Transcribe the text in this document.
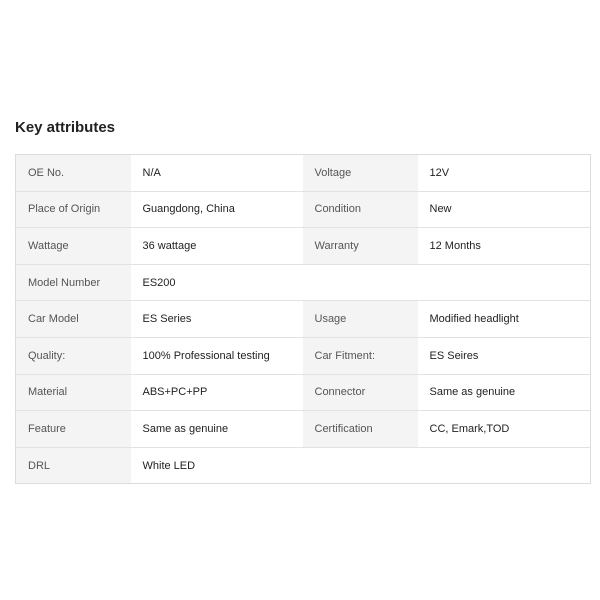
Key attributes
OE No.	N/A	Voltage	12V
Place of Origin	Guangdong, China	Condition	New
Wattage	36 wattage	Warranty	12 Months
Model Number	ES200		
Car Model	ES Series	Usage	Modified headlight
Quality:	100% Professional testing	Car Fitment:	ES Seires
Material	ABS+PC+PP	Connector	Same as genuine
Feature	Same as genuine	Certification	CC, Emark,TOD
DRL	White LED		
